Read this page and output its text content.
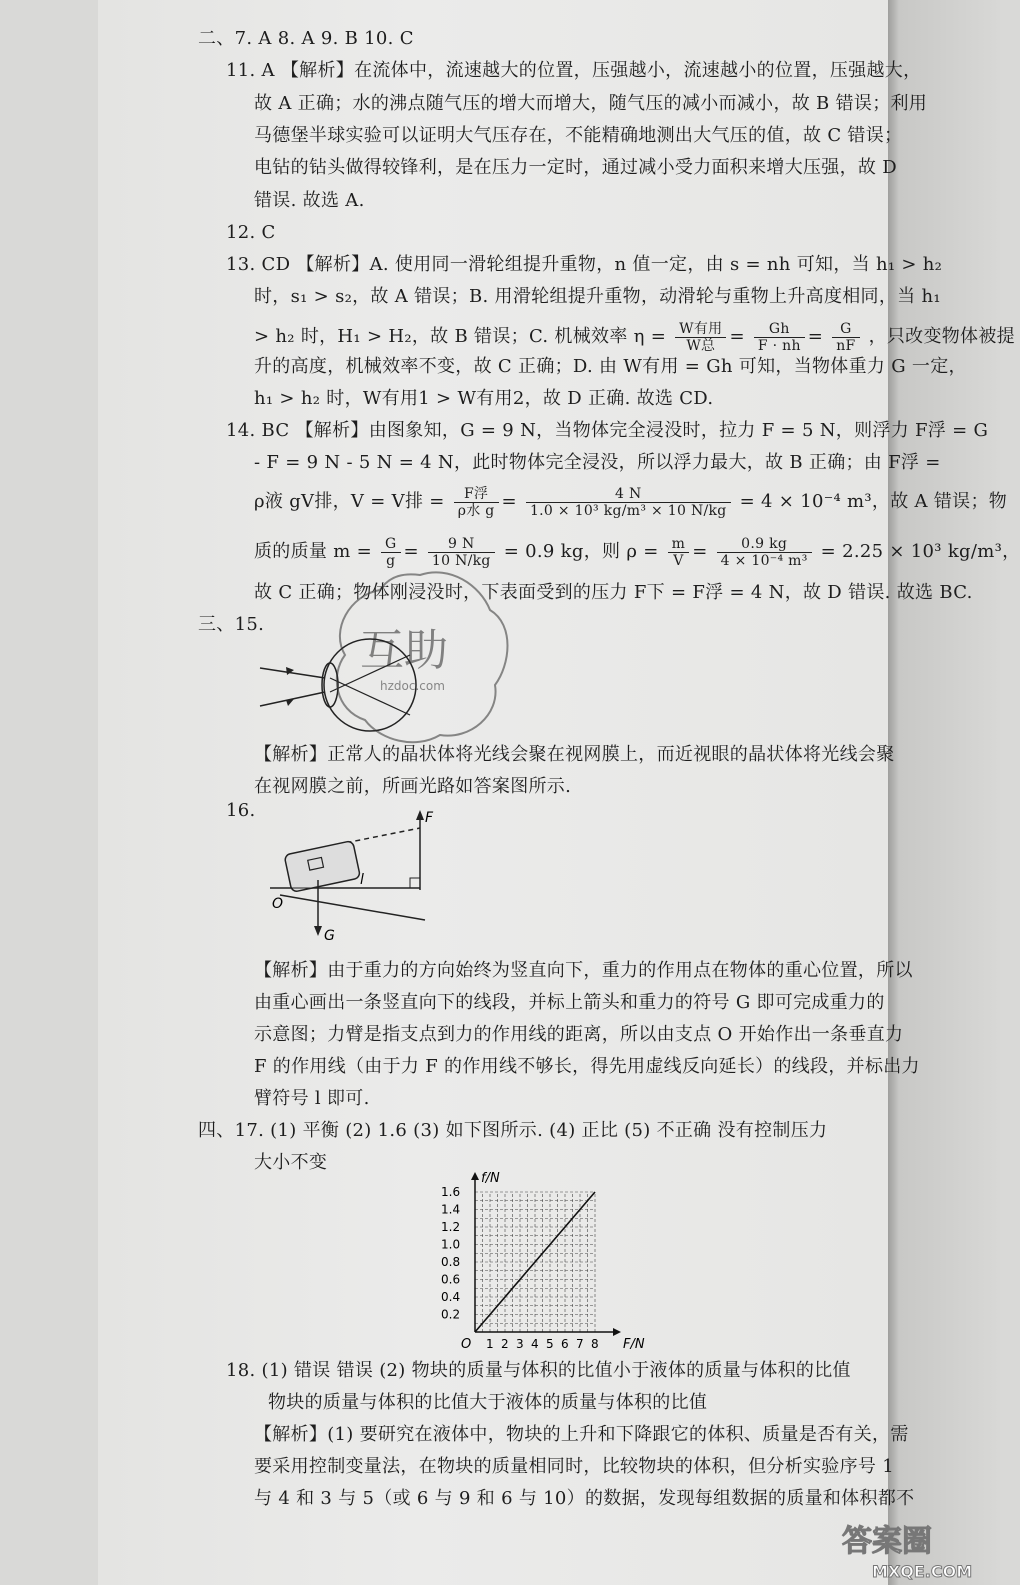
二、7. A 8. A 9. B 10. C
11. A 【解析】在流体中，流速越大的位置，压强越小，流速越小的位置，压强越大，
故 A 正确；水的沸点随气压的增大而增大，随气压的减小而减小，故 B 错误；利用
马德堡半球实验可以证明大气压存在，不能精确地测出大气压的值，故 C 错误；
电钻的钻头做得较锋利，是在压力一定时，通过减小受力面积来增大压强，故 D
错误. 故选 A.
12. C
13. CD 【解析】A. 使用同一滑轮组提升重物，n 值一定，由 s = nh 可知，当 h₁ > h₂
时，s₁ > s₂，故 A 错误；B. 用滑轮组提升重物，动滑轮与重物上升高度相同，当 h₁
> h₂ 时，H₁ > H₂，故 B 错误；C. 机械效率 $\eta = \frac{\text{W有用}}{\text{W总}} = \frac{Gh}{F \cdot nh} = \frac{G}{nF}$ ，只改变物体被提
升的高度，机械效率不变，故 C 正确；D. 由 W有用 = Gh 可知，当物体重力 G 一定，
h₁ > h₂ 时，W有用1 > W有用2，故 D 正确. 故选 CD.
14. BC 【解析】由图象知，G = 9 N，当物体完全浸没时，拉力 F = 5 N，则浮力 F浮 = G
- F = 9 N - 5 N = 4 N，此时物体完全浸没，所以浮力最大，故 B 正确；由 F浮 =
ρ液 gV排，V = V排 = $\frac{\text{F浮}}{\text{ρ水 g}} = \frac{4 N}{\text{1.0 × 10³ kg/m³ × 10 N/kg}} = 4 \times 10^{-4}$ m³，故 A 错误；物
质的质量 $m = \frac{G}{g} = \frac{9 N}{10 N/kg} = 0.9$ kg，则 $\rho = \frac{m}{V} = \frac{0.9 kg}{\text{4 × 10⁻⁴ m³}} = 2.25 \times 10^3$ kg/m³，
故 C 正确；物体刚浸没时，下表面受到的压力 F下 = F浮 = 4 N，故 D 错误. 故选 BC.
三、15.
【解析】正常人的晶状体将光线会聚在视网膜上，而近视眼的晶状体将光线会聚
在视网膜之前，所画光路如答案图所示.
16.	F
G
O
l
【解析】由于重力的方向始终为竖直向下，重力的作用点在物体的重心位置，所以
由重心画出一条竖直向下的线段，并标上箭头和重力的符号 G 即可完成重力的
示意图；力臂是指支点到力的作用线的距离，所以由支点 O 开始作出一条垂直力
F 的作用线（由于力 F 的作用线不够长，得先用虚线反向延长）的线段，并标出力
臂符号 l 即可.
四、17. (1) 平衡 (2) 1.6 (3) 如下图所示. (4) 正比 (5) 不正确 没有控制压力
大小不变
F/N
f/N
O 1 2 3 4 5 6 7 8
0.2
0.4
0.6
0.8
1.0
1.2
1.4
1.6
18. (1) 错误 错误 (2) 物块的质量与体积的比值小于液体的质量与体积的比值
物块的质量与体积的比值大于液体的质量与体积的比值
【解析】(1) 要研究在液体中，物块的上升和下降跟它的体积、质量是否有关，需
要采用控制变量法，在物块的质量相同时，比较物块的体积，但分析实验序号 1
与 4 和 3 与 5（或 6 与 9 和 6 与 10）的数据，发现每组数据的质量和体积都不
互助
hzdoc.com
答案圈
MXQE.COM
